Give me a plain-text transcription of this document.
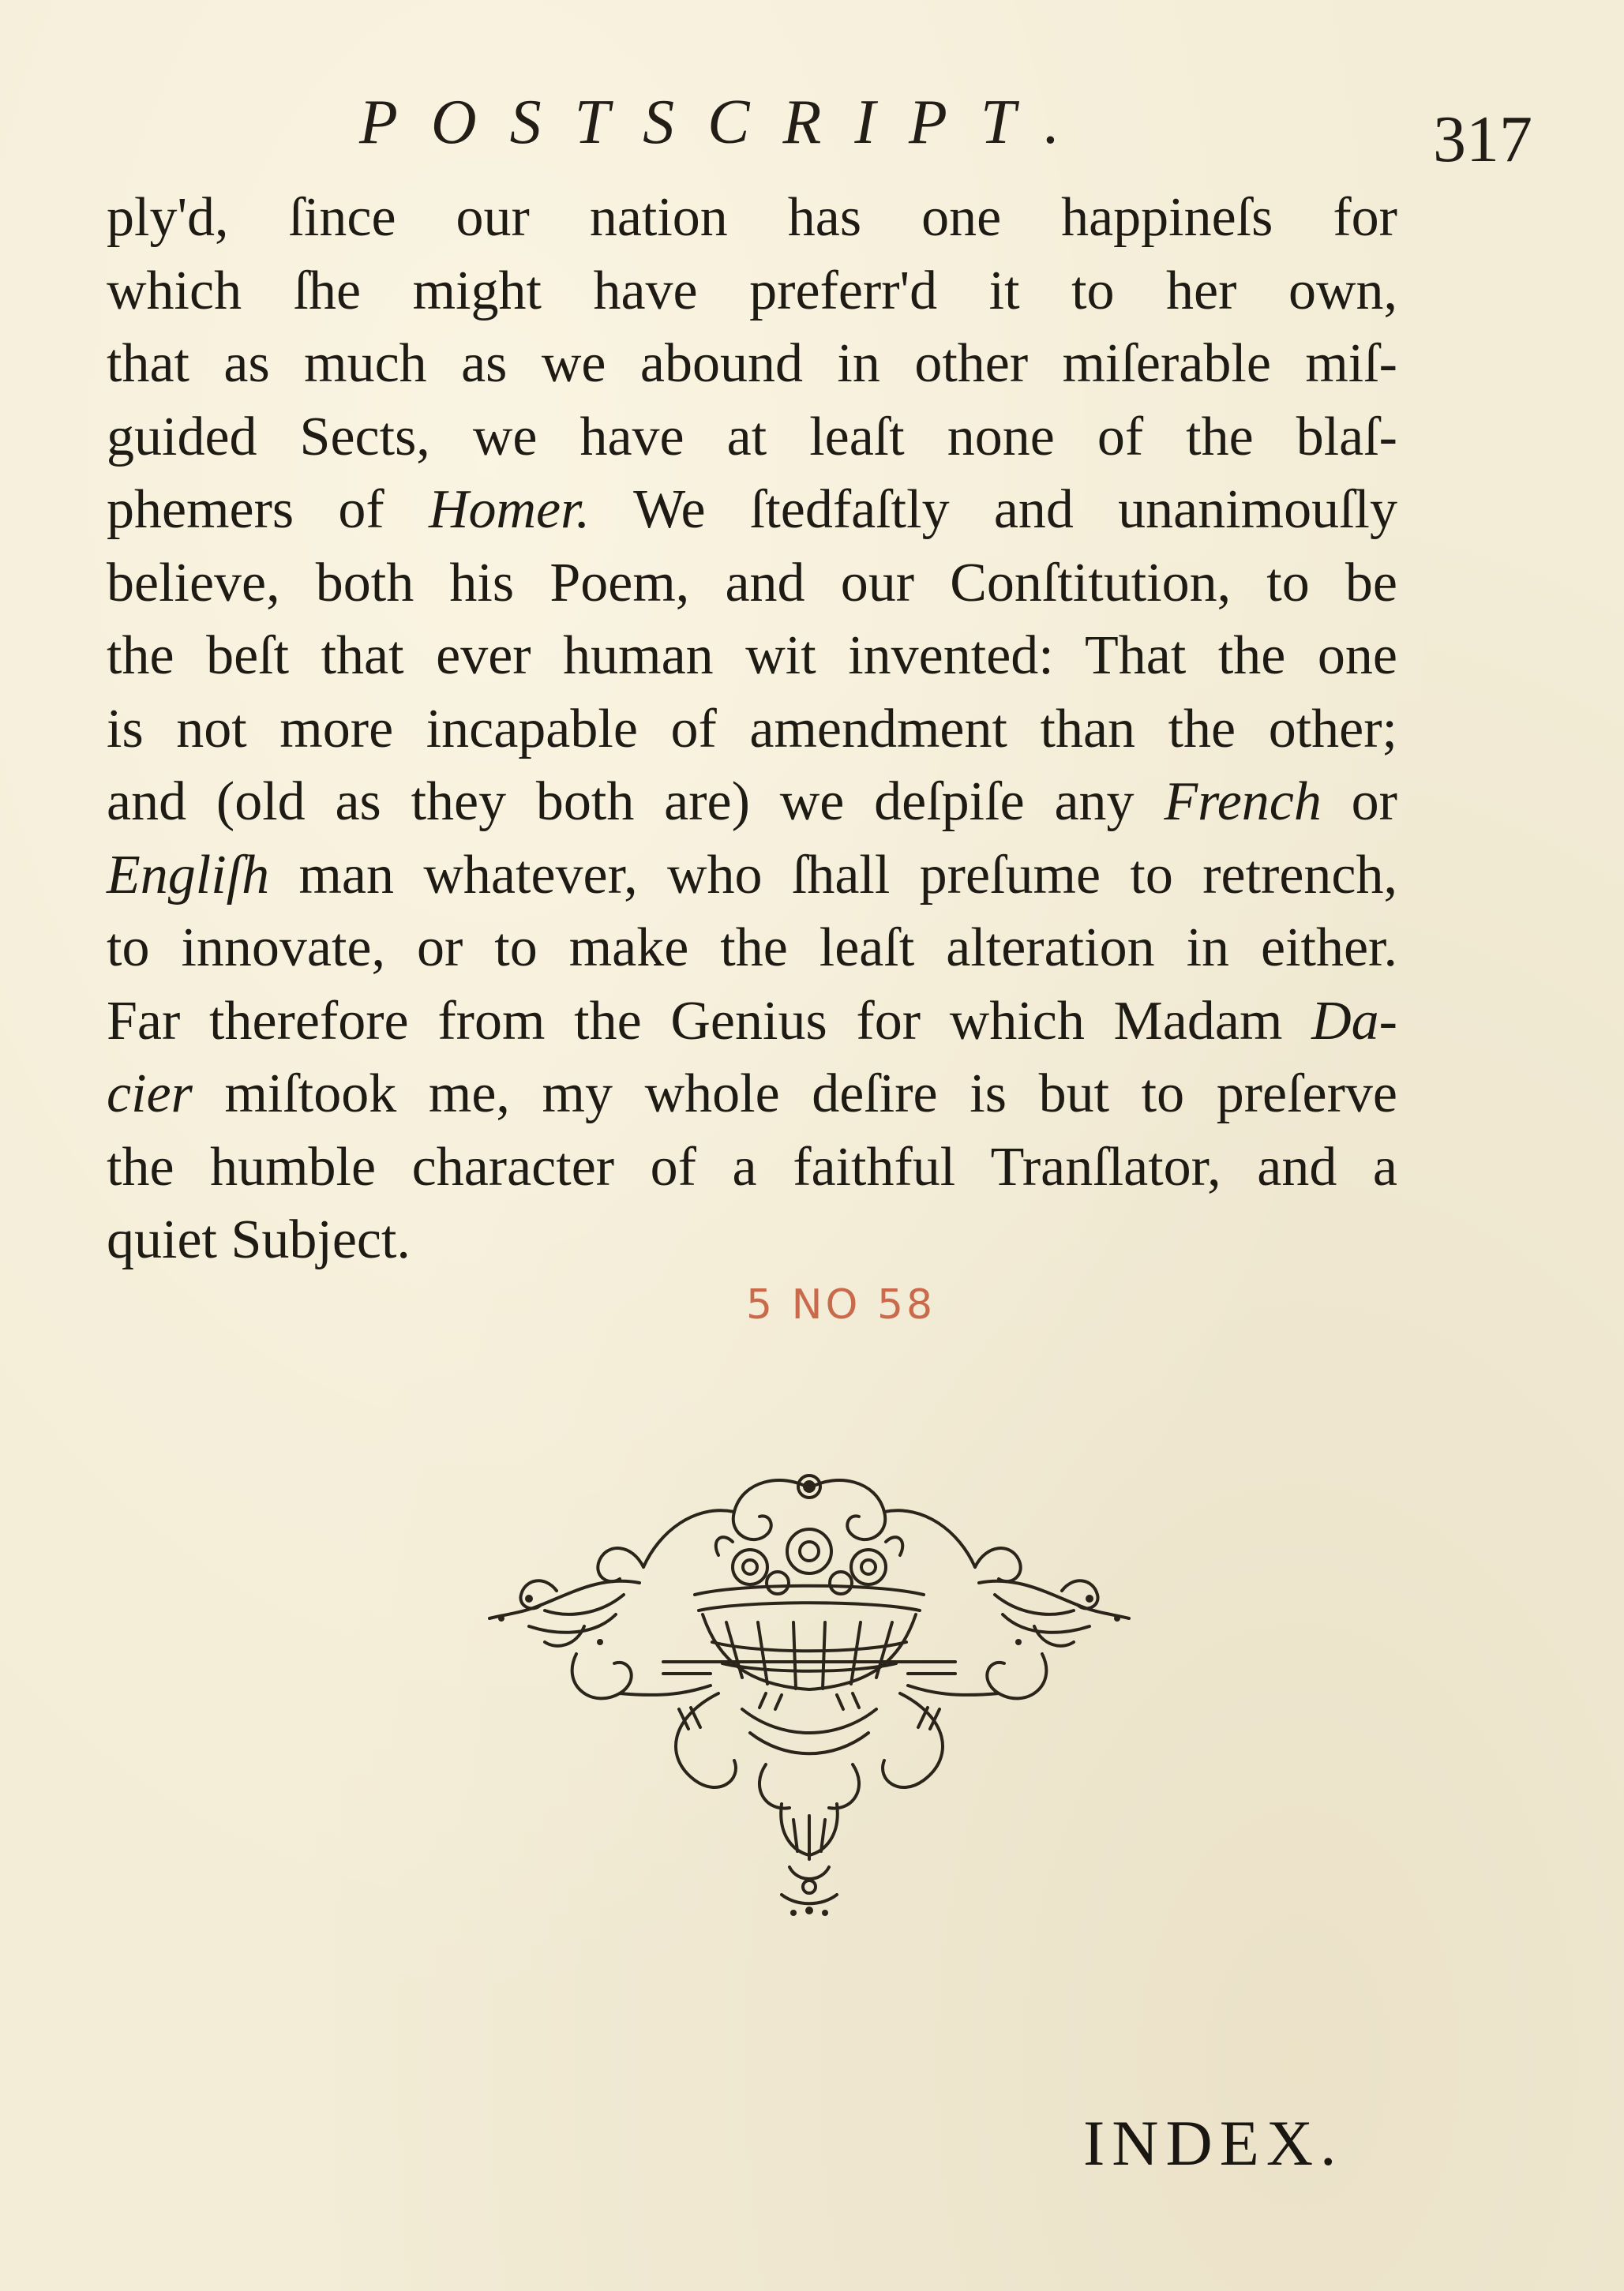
POSTSCRIPT.	317
ply'd, ſince our nation has one happineſs for
which ſhe might have preferr'd it to her own,
that as much as we abound in other miſerable miſ-
guided Sects, we have at leaſt none of the blaſ-
phemers of Homer. We ſtedfaſtly and unanimouſly
believe, both his Poem, and our Conſtitution, to be
the beſt that ever human wit invented: That the one
is not more incapable of amendment than the other;
and (old as they both are) we deſpiſe any French or
Engliſh man whatever, who ſhall preſume to retrench,
to innovate, or to make the leaſt alteration in either.
Far therefore from the Genius for which Madam Da-
cier miſtook me, my whole deſire is but to preſerve
the humble character of a faithful Tranſlator, and a
quiet Subject.
5 NO 58
INDEX.
